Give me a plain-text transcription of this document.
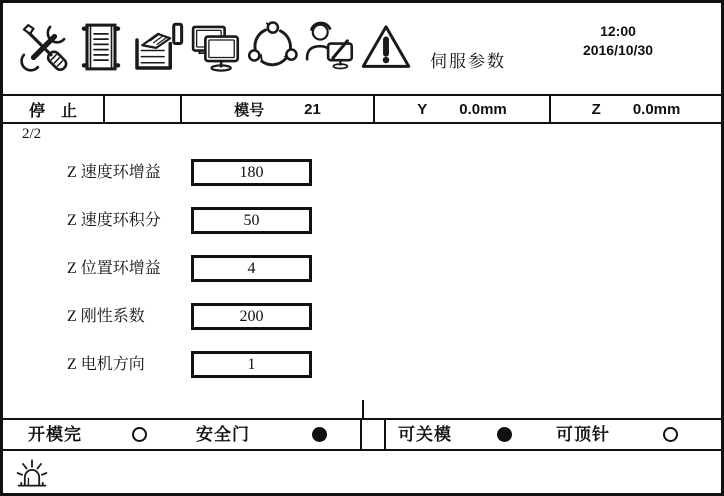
伺服参数
12:00
2016/10/30
停　止	模号	21	Y 0.0mm	Z 0.0mm
2/2
Z 速度环增益	180
Z 速度环积分	50
Z 位置环增益	4
Z 刚性系数	200
Z 电机方向	1
开模完	安全门	可关模	可顶针
